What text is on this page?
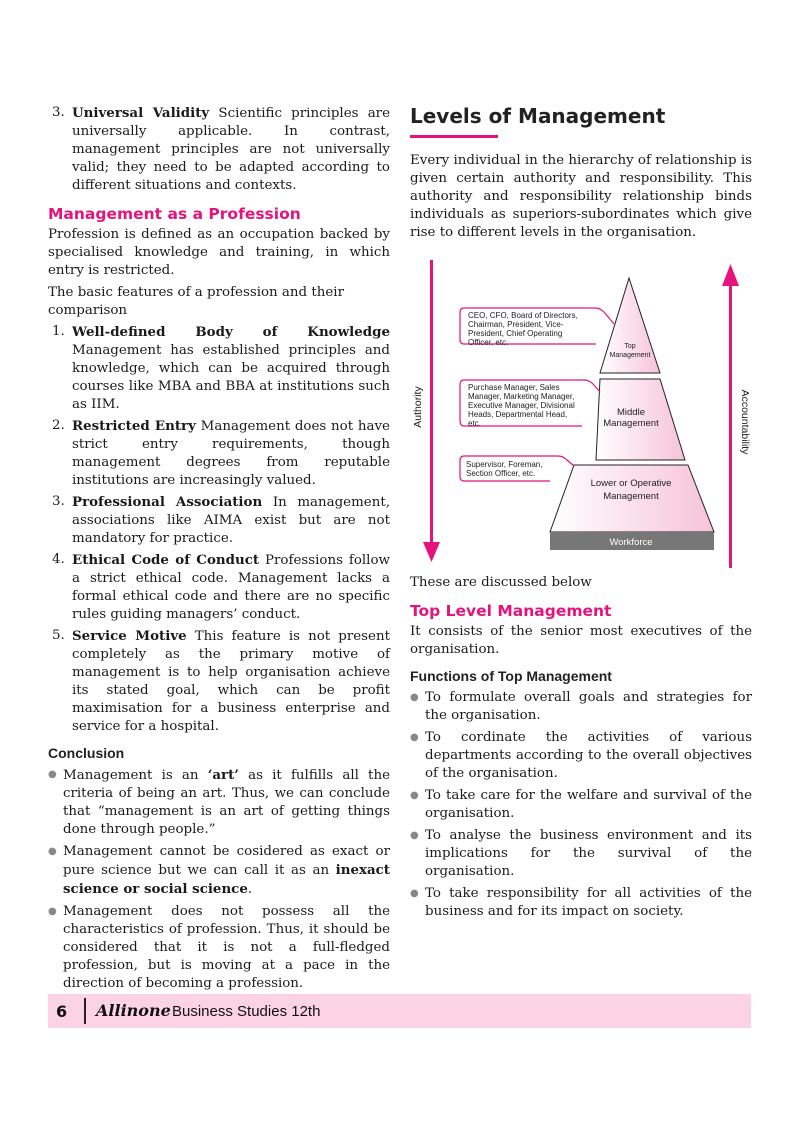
3. Universal Validity Scientific principles are universally applicable. In contrast, management principles are not universally valid; they need to be adapted according to different situations and contexts.
Management as a Profession

Profession is defined as an occupation backed by specialised knowledge and training, in which entry is restricted.

The basic features of a profession and their comparison

1. Well-defined Body of Knowledge Management has established principles and knowledge, which can be acquired through courses like MBA and BBA at institutions such as IIM.
2. Restricted Entry Management does not have strict entry requirements, though management degrees from reputable institutions are increasingly valued.
3. Professional Association In management, associations like AIMA exist but are not mandatory for practice.
4. Ethical Code of Conduct Professions follow a strict ethical code. Management lacks a formal ethical code and there are no specific rules guiding managers’ conduct.
5. Service Motive This feature is not present completely as the primary motive of management is to help organisation achieve its stated goal, which can be profit maximisation for a business enterprise and service for a hospital.
Conclusion
● Management is an ‘art’ as it fulfills all the criteria of being an art. Thus, we can conclude that “management is an art of getting things done through people.”
● Management cannot be cosidered as exact or pure science but we can call it as an inexact science or social science.
● Management does not possess all the characteristics of profession. Thus, it should be considered that it is not a full-fledged profession, but is moving at a pace in the direction of becoming a profession.
Levels of Management

Every individual in the hierarchy of relationship is given certain authority and responsibility. This authority and responsibility relationship binds individuals as superiors-subordinates which give rise to different levels in the organisation.

Authority	Accountability
Top
Management
Middle
Management
Lower or Operative
Management
Workforce
CEO, CFO, Board of Directors,
Chairman, President, Vice-
President, Chief Operating
Officer, etc.
Purchase Manager, Sales
Manager, Marketing Manager,
Executive Manager, Divisional
Heads, Departmental Head,
etc.
Supervisor, Foreman,
Section Officer, etc.

These are discussed below

Top Level Management

It consists of the senior most executives of the organisation.

Functions of Top Management
● To formulate overall goals and strategies for the organisation.
● To cordinate the activities of various departments according to the overall objectives of the organisation.
● To take care for the welfare and survival of the organisation.
● To analyse the business environment and its implications for the survival of the organisation.
● To take responsibility for all activities of the business and for its impact on society.
6 Allinone Business Studies 12th
